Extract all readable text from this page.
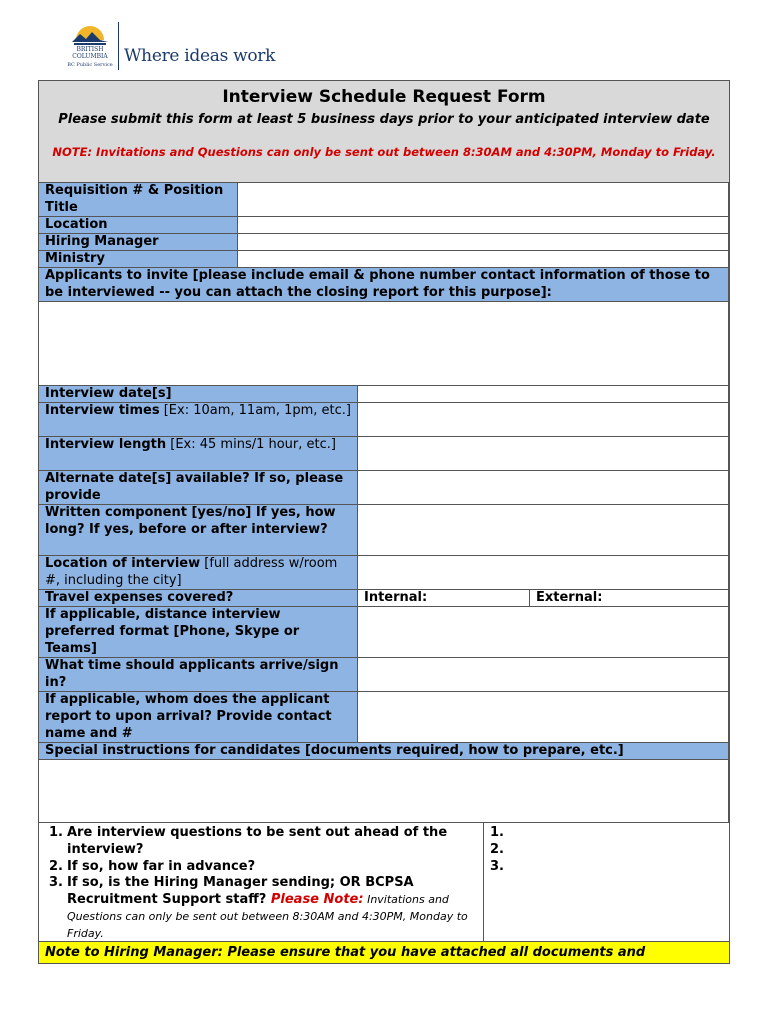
BRITISH
COLUMBIA
BC Public Service Where ideas work
Interview Schedule Request Form
Please submit this form at least 5 business days prior to your anticipated interview date
NOTE: Invitations and Questions can only be sent out between 8:30AM and 4:30PM, Monday to Friday.
Requisition # & Position Title
Location
Hiring Manager
Ministry
Applicants to invite [please include email & phone number contact information of those to be interviewed -- you can attach the closing report for this purpose]:
Interview date[s]
Interview times [Ex: 10am, 11am, 1pm, etc.]
Interview length [Ex: 45 mins/1 hour, etc.]
Alternate date[s] available? If so, please provide
Written component [yes/no] If yes, how long? If yes, before or after interview?
Location of interview [full address w/room #, including the city]
Travel expenses covered?	Internal:	External:
If applicable, distance interview preferred format [Phone, Skype or Teams]
What time should applicants arrive/sign in?
If applicable, whom does the applicant report to upon arrival? Provide contact name and #
Special instructions for candidates [documents required, how to prepare, etc.]
1. Are interview questions to be sent out ahead of the interview?
2. If so, how far in advance?
3. If so, is the Hiring Manager sending; OR BCPSA Recruitment Support staff? Please Note: Invitations and Questions can only be sent out between 8:30AM and 4:30PM, Monday to Friday.
1.
2.
3.
Note to Hiring Manager: Please ensure that you have attached all documents and
